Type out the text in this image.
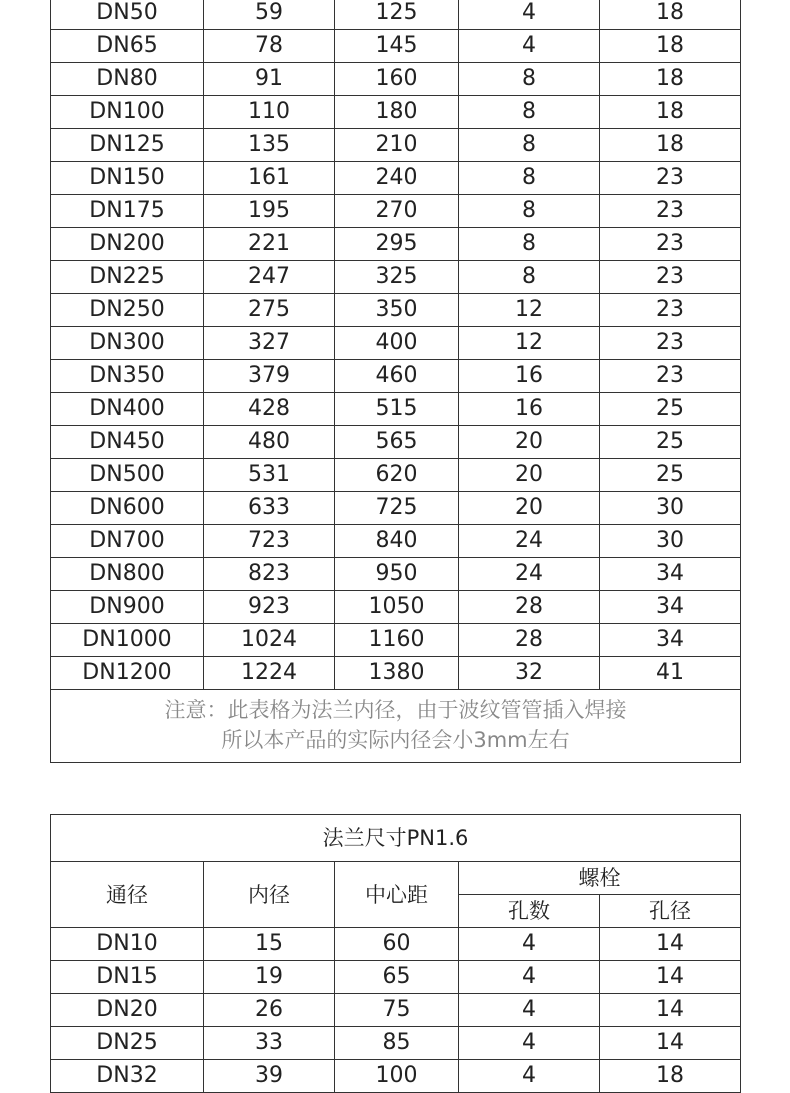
DN50	59	125	4	18
DN65	78	145	4	18
DN80	91	160	8	18
DN100	110	180	8	18
DN125	135	210	8	18
DN150	161	240	8	23
DN175	195	270	8	23
DN200	221	295	8	23
DN225	247	325	8	23
DN250	275	350	12	23
DN300	327	400	12	23
DN350	379	460	16	23
DN400	428	515	16	25
DN450	480	565	20	25
DN500	531	620	20	25
DN600	633	725	20	30
DN700	723	840	24	30
DN800	823	950	24	34
DN900	923	1050	28	34
DN1000	1024	1160	28	34
DN1200	1224	1380	32	41

注意：此表格为法兰内径，由于波纹管管插入焊接
所以本产品的实际内径会小3mm左右				
法兰尺寸PN1.6				
通径	内径	中心距	螺栓	
			孔数	孔径
DN10	15	60	4	14
DN15	19	65	4	14
DN20	26	75	4	14
DN25	33	85	4	14
DN32	39	100	4	18
